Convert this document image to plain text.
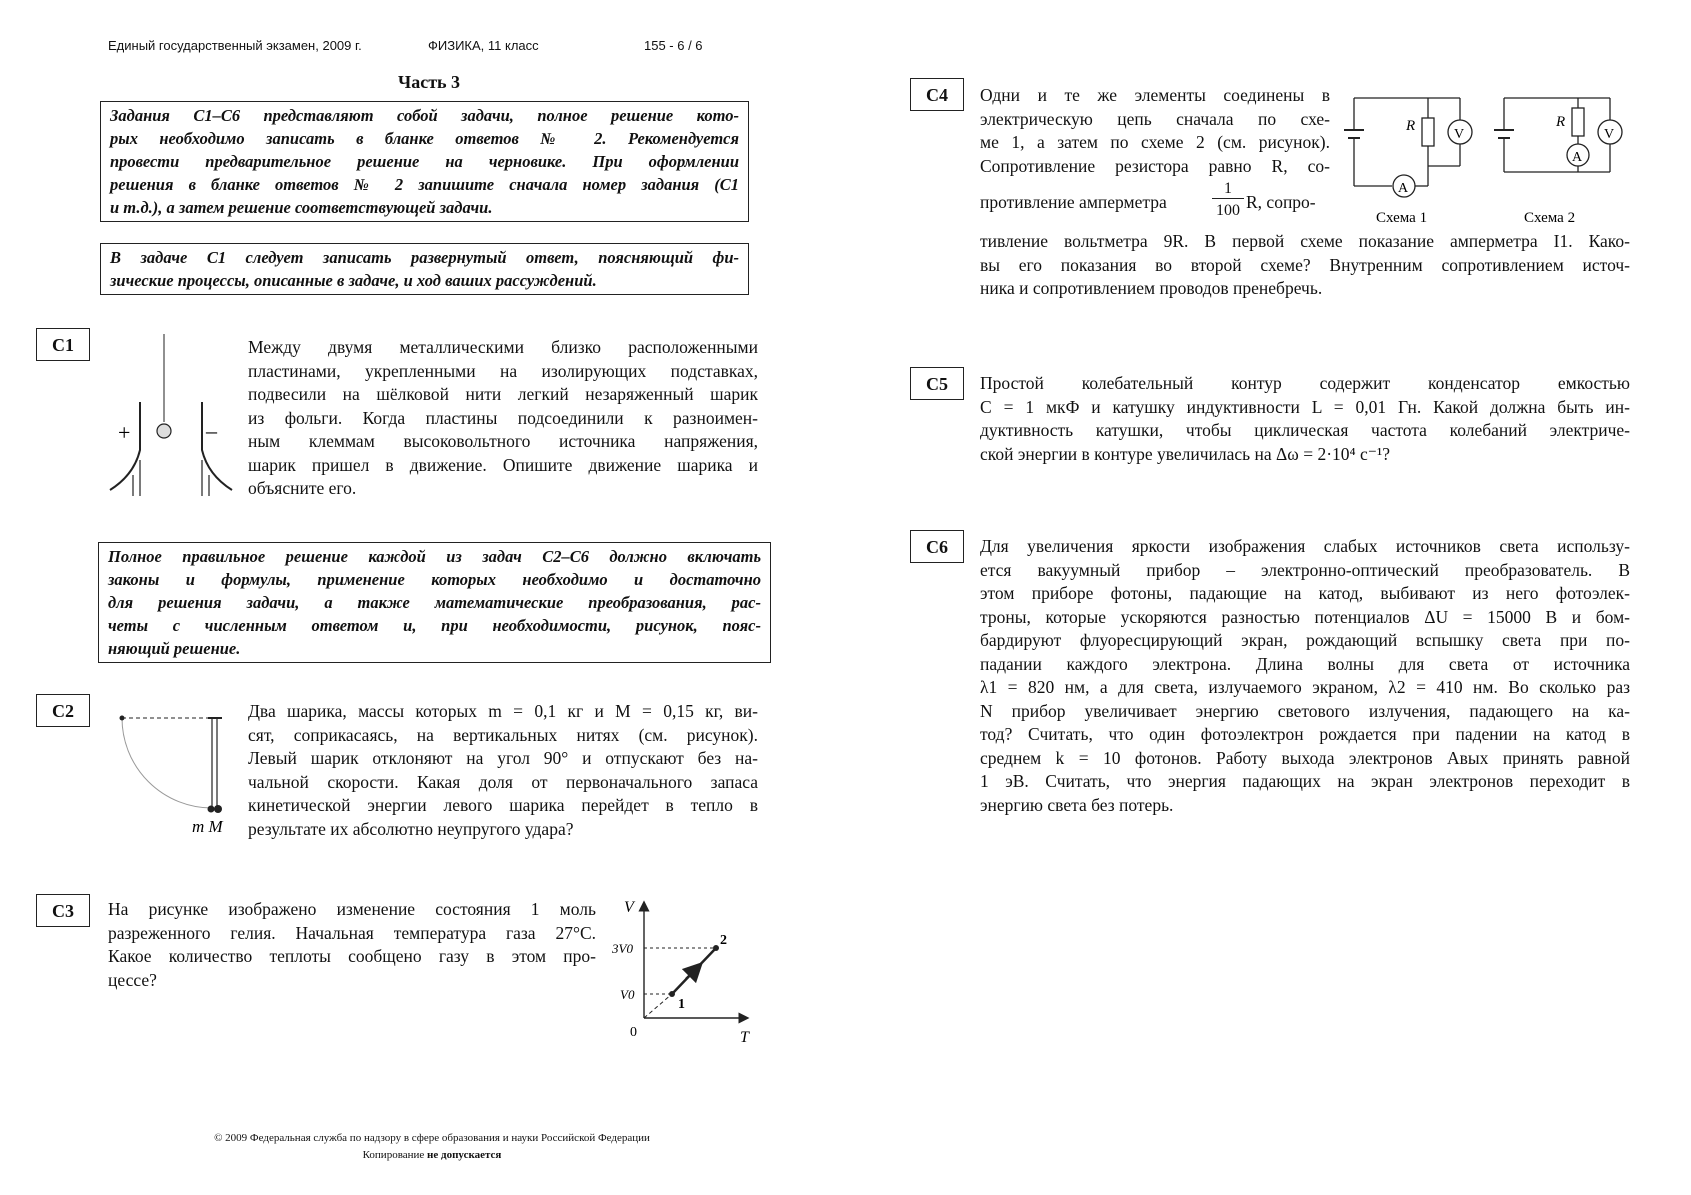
Единый государственный экзамен, 2009 г.	ФИЗИКА, 11 класс	155 - 6 / 6
Часть 3
Задания С1–С6 представляют собой задачи, полное решение кото-
рых необходимо записать в бланке ответов № 2. Рекомендуется
провести предварительное решение на черновике. При оформлении
решения в бланке ответов № 2 запишите сначала номер задания (С1
и т.д.), а затем решение соответствующей задачи.
В задаче С1 следует записать развернутый ответ, поясняющий фи-
зические процессы, описанные в задаче, и ход ваших рассуждений.
С1
+	–
Между двумя металлическими близко расположенными
пластинами, укрепленными на изолирующих подставках,
подвесили на шёлковой нити легкий незаряженный шарик
из фольги. Когда пластины подсоединили к разноимен-
ным клеммам высоковольтного источника напряжения,
шарик пришел в движение. Опишите движение шарика и
объясните его.
Полное правильное решение каждой из задач С2–С6 должно включать
законы и формулы, применение которых необходимо и достаточно
для решения задачи, а также математические преобразования, рас-
четы с численным ответом и, при необходимости, рисунок, пояс-
няющий решение.
С2
m M
Два шарика, массы которых m = 0,1 кг и M = 0,15 кг, ви-
сят, соприкасаясь, на вертикальных нитях (см. рисунок).
Левый шарик отклоняют на угол 90° и отпускают без на-
чальной скорости. Какая доля от первоначального запаса
кинетической энергии левого шарика перейдет в тепло в
результате их абсолютно неупругого удара?
С3	На рисунке изображено изменение состояния 1 моль
разреженного гелия. Начальная температура газа 27°С.
Какое количество теплоты сообщено газу в этом про-
цессе?
V
T
0
3V0
V0
1
2
С4	Одни и те же элементы соединены в
электрическую цепь сначала по схе-
ме 1, а затем по схеме 2 (см. рисунок).
Сопротивление резистора равно R, со-
противление амперметра
1
100 R, сопро-
A
R
V
Схема 1
R
A
V
Схема 2
тивление вольтметра 9R. В первой схеме показание амперметра I1. Како-
вы его показания во второй схеме? Внутренним сопротивлением источ-
ника и сопротивлением проводов пренебречь.
С5	Простой колебательный контур содержит конденсатор емкостью
C = 1 мкФ и катушку индуктивности L = 0,01 Гн. Какой должна быть ин-
дуктивность катушки, чтобы циклическая частота колебаний электриче-
ской энергии в контуре увеличилась на Δω = 2·10⁴ с⁻¹?
С6	Для увеличения яркости изображения слабых источников света использу-
ется вакуумный прибор – электронно-оптический преобразователь. В
этом приборе фотоны, падающие на катод, выбивают из него фотоэлек-
троны, которые ускоряются разностью потенциалов ΔU = 15000 В и бом-
бардируют флуоресцирующий экран, рождающий вспышку света при по-
падании каждого электрона. Длина волны для света от источника
λ1 = 820 нм, а для света, излучаемого экраном, λ2 = 410 нм. Во сколько раз
N прибор увеличивает энергию светового излучения, падающего на ка-
тод? Считать, что один фотоэлектрон рождается при падении на катод в
среднем k = 10 фотонов. Работу выхода электронов Aвых принять равной
1 эВ. Считать, что энергия падающих на экран электронов переходит в
энергию света без потерь.
© 2009 Федеральная служба по надзору в сфере образования и науки Российской Федерации
Копирование не допускается
